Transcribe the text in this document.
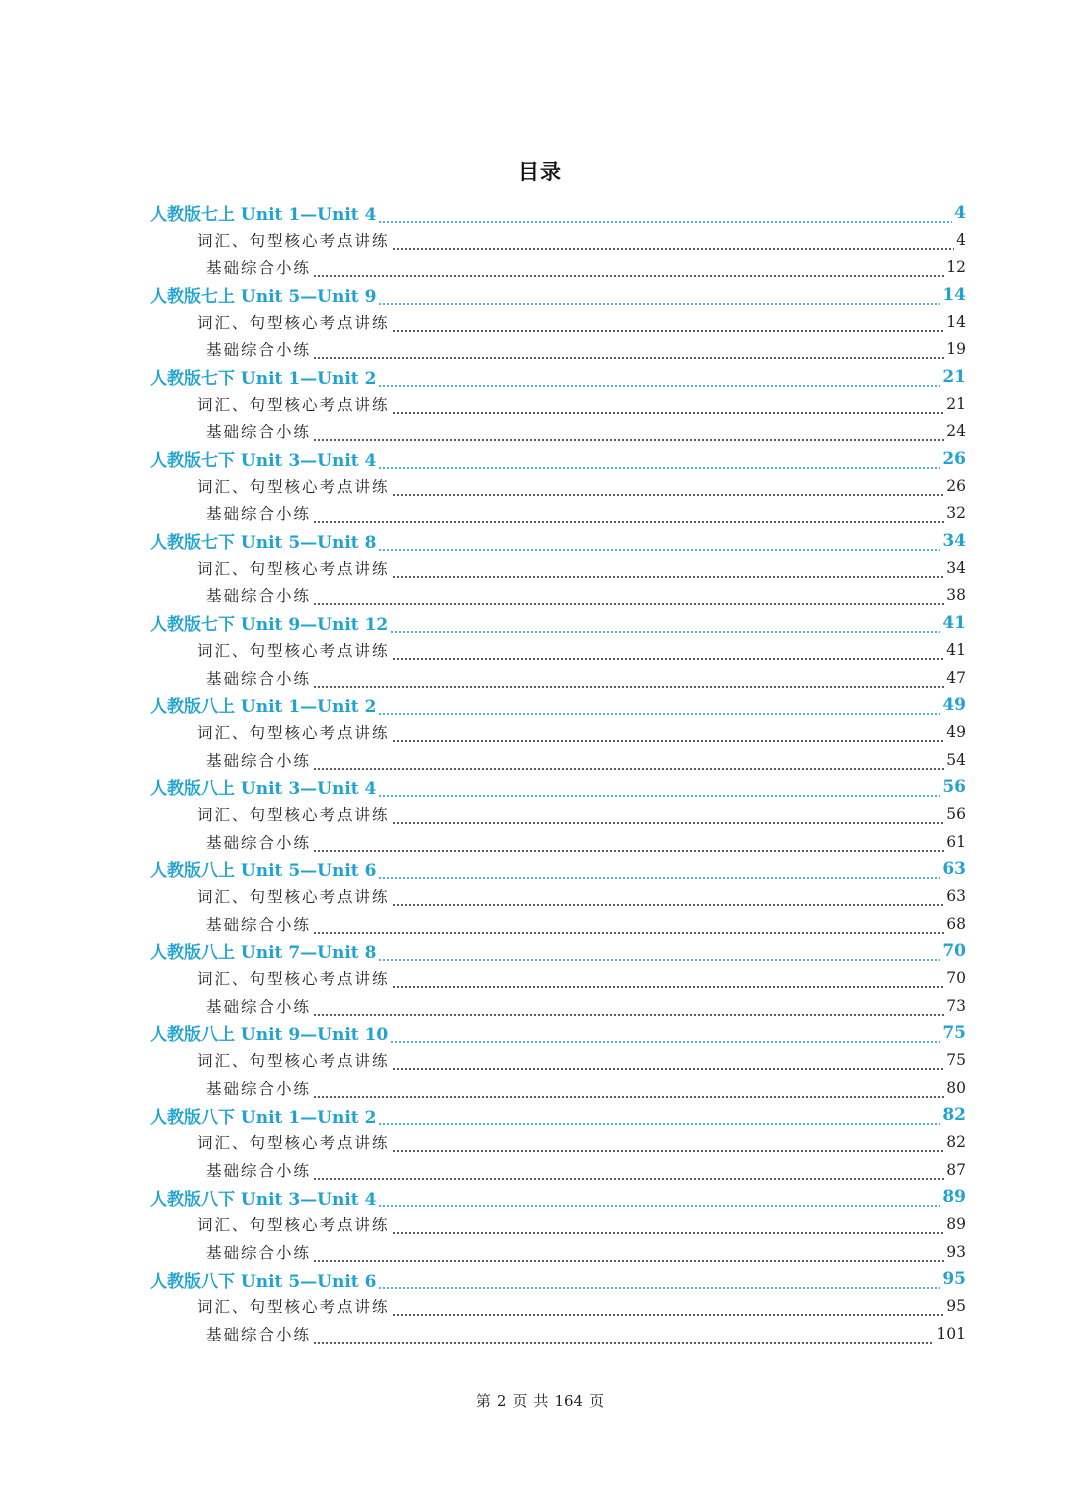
目录
人教版七上 Unit 1—Unit 4	4
词汇、句型核心考点讲练	4
基础综合小练	12
人教版七上 Unit 5—Unit 9	14
词汇、句型核心考点讲练	14
基础综合小练	19
人教版七下 Unit 1—Unit 2	21
词汇、句型核心考点讲练	21
基础综合小练	24
人教版七下 Unit 3—Unit 4	26
词汇、句型核心考点讲练	26
基础综合小练	32
人教版七下 Unit 5—Unit 8	34
词汇、句型核心考点讲练	34
基础综合小练	38
人教版七下 Unit 9—Unit 12	41
词汇、句型核心考点讲练	41
基础综合小练	47
人教版八上 Unit 1—Unit 2	49
词汇、句型核心考点讲练	49
基础综合小练	54
人教版八上 Unit 3—Unit 4	56
词汇、句型核心考点讲练	56
基础综合小练	61
人教版八上 Unit 5—Unit 6	63
词汇、句型核心考点讲练	63
基础综合小练	68
人教版八上 Unit 7—Unit 8	70
词汇、句型核心考点讲练	70
基础综合小练	73
人教版八上 Unit 9—Unit 10	75
词汇、句型核心考点讲练	75
基础综合小练	80
人教版八下 Unit 1—Unit 2	82
词汇、句型核心考点讲练	82
基础综合小练	87
人教版八下 Unit 3—Unit 4	89
词汇、句型核心考点讲练	89
基础综合小练	93
人教版八下 Unit 5—Unit 6	95
词汇、句型核心考点讲练	95
基础综合小练	101
第 2 页 共 164 页
